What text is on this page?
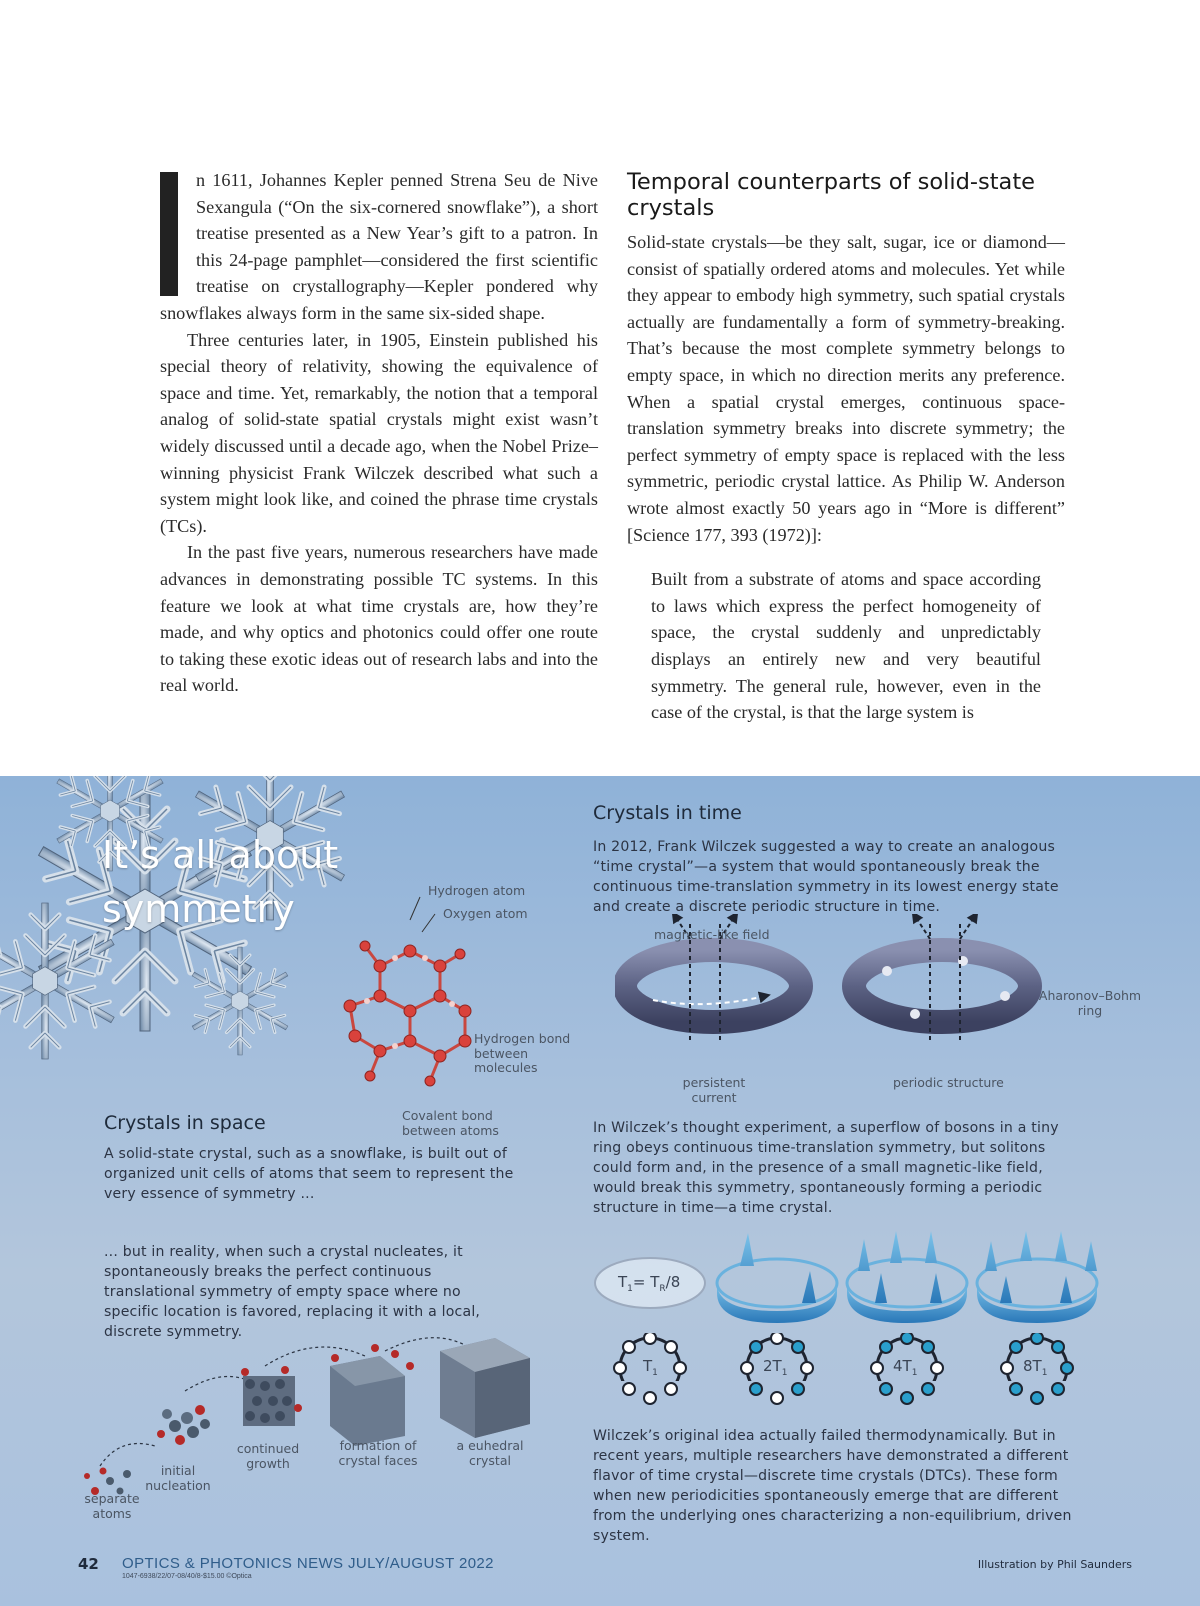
n 1611, Johannes Kepler penned Strena Seu de Nive Sexangula (“On the six-cornered snowflake”), a short treatise presented as a New Year’s gift to a patron. In this 24-page pamphlet—considered the first scientific treatise on crystallography—Kepler pondered why snowflakes always form in the same six-sided shape.

Three centuries later, in 1905, Einstein published his special theory of relativity, showing the equivalence of space and time. Yet, remarkably, the notion that a temporal analog of solid-state spatial crystals might exist wasn’t widely discussed until a decade ago, when the Nobel Prize–winning physicist Frank Wilczek described what such a system might look like, and coined the phrase time crystals (TCs).

In the past five years, numerous researchers have made advances in demonstrating possible TC systems. In this feature we look at what time crystals are, how they’re made, and why optics and photonics could offer one route to taking these exotic ideas out of research labs and into the real world.

Temporal counterparts of solid-state crystals

Solid-state crystals—be they salt, sugar, ice or diamond—consist of spatially ordered atoms and molecules. Yet while they appear to embody high symmetry, such spatial crystals actually are fundamentally a form of symmetry-breaking. That’s because the most complete symmetry belongs to empty space, in which no direction merits any preference. When a spatial crystal emerges, continuous space-translation symmetry breaks into discrete symmetry; the perfect symmetry of empty space is replaced with the less symmetric, periodic crystal lattice. As Philip W. Anderson wrote almost exactly 50 years ago in “More is different” [Science 177, 393 (1972)]:

Built from a substrate of atoms and space according to laws which express the perfect homogeneity of space, the crystal suddenly and unpredictably displays an entirely new and very beautiful symmetry. The general rule, however, even in the case of the crystal, is that the large system is
It’s all about
symmetry	Hydrogen atom
Oxygen atom
Hydrogen bond between molecules
Covalent bond between atoms
Crystals in space
A solid-state crystal, such as a snowflake, is built out of organized unit cells of atoms that seem to represent the very essence of symmetry ...
... but in reality, when such a crystal nucleates, it spontaneously breaks the perfect continuous translational symmetry of empty space where no specific location is favored, replacing it with a local, discrete symmetry.
separate atoms
initial nucleation
continued growth
formation of crystal faces
a euhedral crystal
Crystals in time
In 2012, Frank Wilczek suggested a way to create an analogous “time crystal”—a system that would spontaneously break the continuous time-translation symmetry in its lowest energy state and create a discrete periodic structure in time.
magnetic-like field
Aharonov–Bohm ring
persistent current
periodic structure
In Wilczek’s thought experiment, a superflow of bosons in a tiny ring obeys continuous time-translation symmetry, but solitons could form and, in the presence of a small magnetic-like field, would break this symmetry, spontaneously forming a periodic structure in time—a time crystal.
$T_1= T_R/8$
$T_1$	$2T_1$	$4T_1$	$8T_1$
Wilczek’s original idea actually failed thermodynamically. But in recent years, multiple researchers have demonstrated a different flavor of time crystal—discrete time crystals (DTCs). These form when new periodicities spontaneously emerge that are different from the underlying ones characterizing a non-equilibrium, driven system.
42 OPTICS & PHOTONICS NEWS JULY/AUGUST 2022
1047-6938/22/07-08/40/8-$15.00 ©Optica
Illustration by Phil Saunders
